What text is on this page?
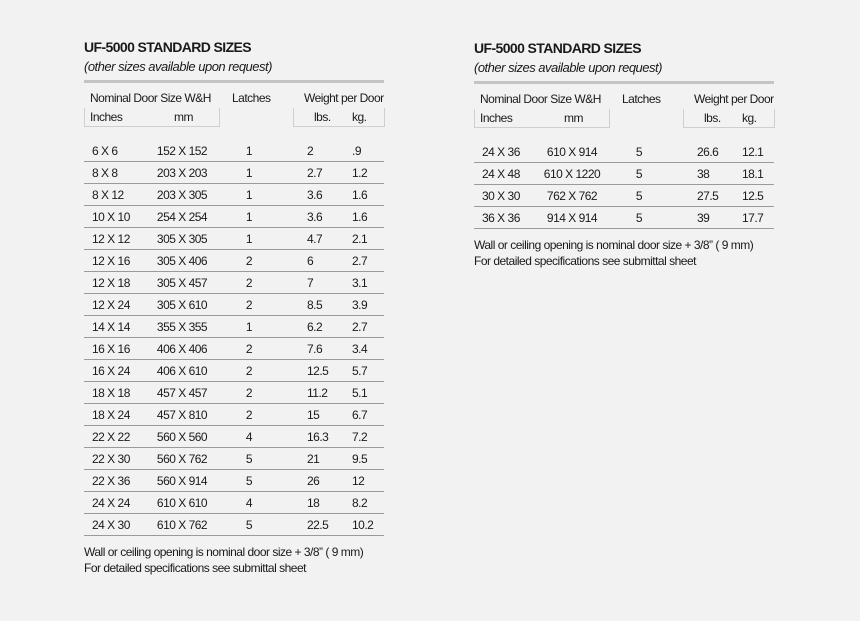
UF-5000 STANDARD SIZES
(other sizes available upon request)
Nominal Door Size W&H Latches	Weight per Door
Inches	mm	lbs. kg.
6 X 6	152 X 152	1	2	.9
8 X 8	203 X 203	1	2.7 1.2
8 X 12	203 X 305	1	3.6 1.6
10 X 10	254 X 254	1	3.6 1.6
12 X 12	305 X 305	1	4.7 2.1
12 X 16	305 X 406	2	6	2.7
12 X 18	305 X 457	2	7	3.1
12 X 24	305 X 610	2	8.5 3.9
14 X 14	355 X 355	1	6.2 2.7
16 X 16	406 X 406	2	7.6 3.4
16 X 24	406 X 610	2	12.5 5.7
18 X 18	457 X 457	2	11.2 5.1
18 X 24	457 X 810	2	15	6.7
22 X 22	560 X 560	4	16.3 7.2
22 X 30	560 X 762	5	21	9.5
22 X 36	560 X 914	5	26	12
24 X 24	610 X 610	4	18	8.2
24 X 30	610 X 762	5	22.5 10.2
Wall or ceiling opening is nominal door size + 3/8” ( 9 mm)
For detailed specifications see submittal sheet
UF-5000 STANDARD SIZES
(other sizes available upon request)
Nominal Door Size W&H Latches	Weight per Door
Inches	mm	lbs. kg.
24 X 36	610 X 914	5	26.6 12.1
24 X 48	610 X 1220	5	38	18.1
30 X 30	762 X 762	5	27.5 12.5
36 X 36	914 X 914	5	39	17.7
Wall or ceiling opening is nominal door size + 3/8” ( 9 mm)
For detailed specifications see submittal sheet
